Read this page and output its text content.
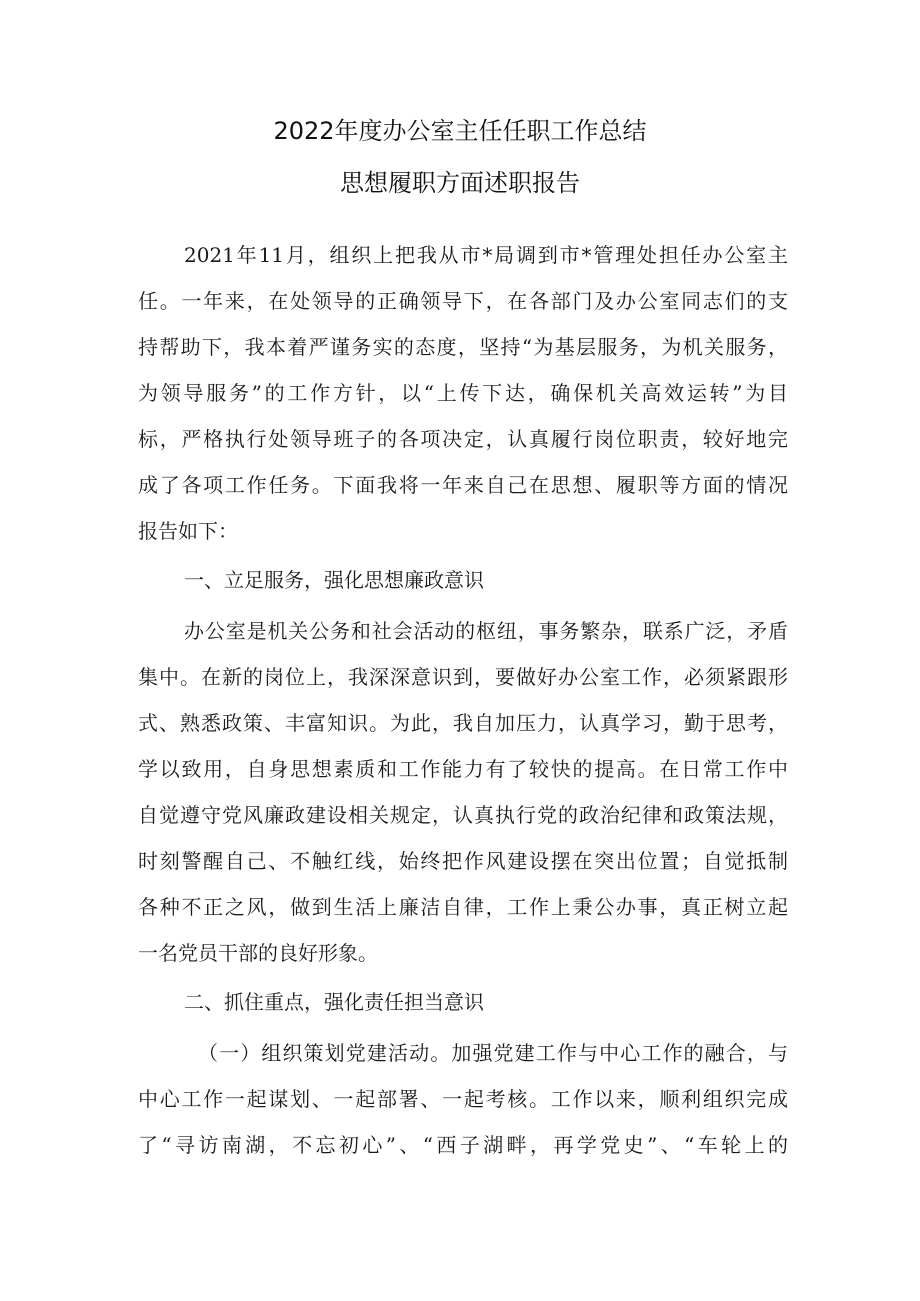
2022年度办公室主任任职工作总结
思想履职方面述职报告
2021年11月，组织上把我从市*局调到市*管理处担任办公室主
任。一年来，在处领导的正确领导下，在各部门及办公室同志们的支
持帮助下，我本着严谨务实的态度，坚持“为基层服务，为机关服务，
为领导服务”的工作方针，以“上传下达，确保机关高效运转”为目
标，严格执行处领导班子的各项决定，认真履行岗位职责，较好地完
成了各项工作任务。下面我将一年来自己在思想、履职等方面的情况
报告如下：
一、立足服务，强化思想廉政意识
办公室是机关公务和社会活动的枢纽，事务繁杂，联系广泛，矛盾
集中。在新的岗位上，我深深意识到，要做好办公室工作，必须紧跟形
式、熟悉政策、丰富知识。为此，我自加压力，认真学习，勤于思考，
学以致用，自身思想素质和工作能力有了较快的提高。在日常工作中
自觉遵守党风廉政建设相关规定，认真执行党的政治纪律和政策法规，
时刻警醒自己、不触红线，始终把作风建设摆在突出位置；自觉抵制
各种不正之风，做到生活上廉洁自律，工作上秉公办事，真正树立起
一名党员干部的良好形象。
二、抓住重点，强化责任担当意识
（一）组织策划党建活动。加强党建工作与中心工作的融合，与
中心工作一起谋划、一起部署、一起考核。工作以来，顺利组织完成
了“寻访南湖，不忘初心”、“西子湖畔，再学党史”、“车轮上的
